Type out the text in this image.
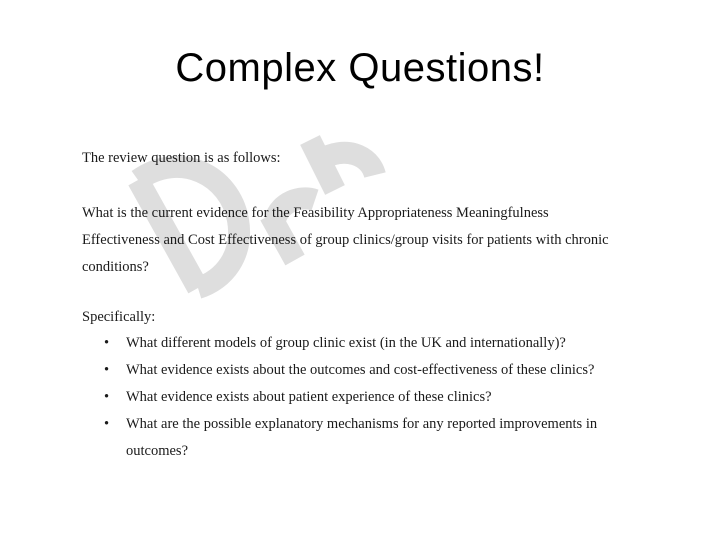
Complex Questions!

The review question is as follows:

What is the current evidence for the Feasibility Appropriateness Meaningfulness
Effectiveness and Cost Effectiveness of group clinics/group visits for patients with chronic
conditions?

Specifically:

• What different models of group clinic exist (in the UK and internationally)?
• What evidence exists about the outcomes and cost-effectiveness of these clinics?
• What evidence exists about patient experience of these clinics?
• What are the possible explanatory mechanisms for any reported improvements in outcomes?
